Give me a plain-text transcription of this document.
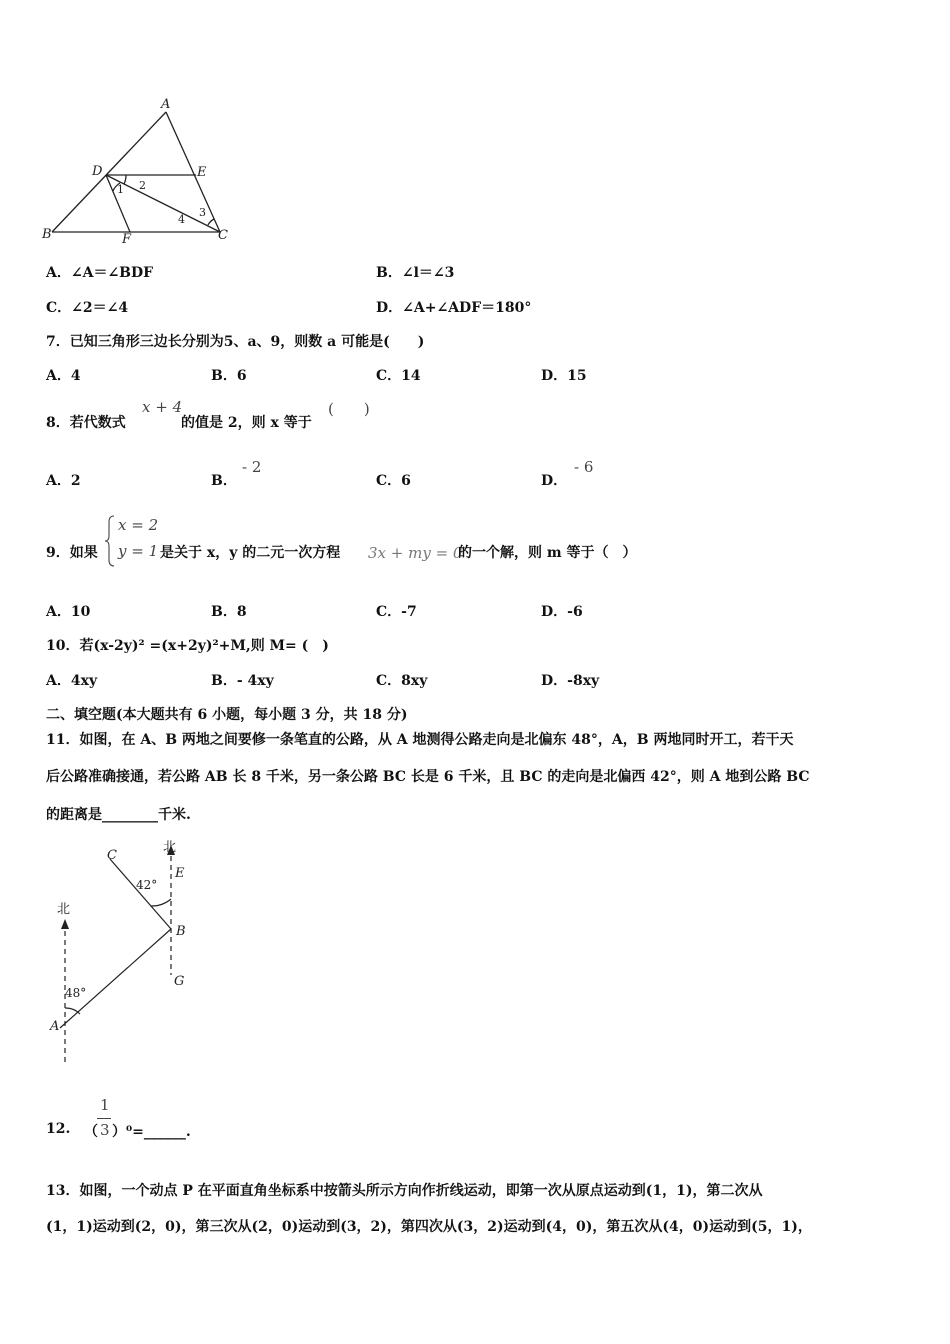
A
D	E
B	F	C
1 2
3
4
A．∠A＝∠BDF	B．∠l＝∠3
C．∠2＝∠4	D．∠A+∠ADF＝180°
7．已知三角形三边长分别为5、a、9，则数 a 可能是(　　)
A．4	B．6	C．14	D．15
8．若代数式
x + 4
的值是 2，则 x 等于
(　　)
A．2	B．
- 2
C．6	D．
- 6
9．如果
x = 2
y = 1 是关于 x，y 的二元一次方程 3x + my = 0
的一个解，则 m 等于（　）
A．10	B．8	C．-7	D．-6
10．若(x-2y)² =(x+2y)²+M,则 M= (　)
A．4xy	B．- 4xy	C．8xy	D．-8xy
二、填空题(本大题共有 6 小题，每小题 3 分，共 18 分)
11．如图，在 A、B 两地之间要修一条笔直的公路，从 A 地测得公路走向是北偏东 48°，A，B 两地同时开工，若干天
后公路准确接通，若公路 AB 长 8 千米，另一条公路 BC 长是 6 千米，且 BC 的走向是北偏西 42°，则 A 地到公路 BC
的距离是________千米.
北
北
C
E
B
G
A
42°
48°
12. （
1
3 ）⁰=______.
13．如图，一个动点 P 在平面直角坐标系中按箭头所示方向作折线运动，即第一次从原点运动到(1，1)，第二次从
(1，1)运动到(2，0)，第三次从(2，0)运动到(3，2)，第四次从(3，2)运动到(4，0)，第五次从(4，0)运动到(5，1)，
